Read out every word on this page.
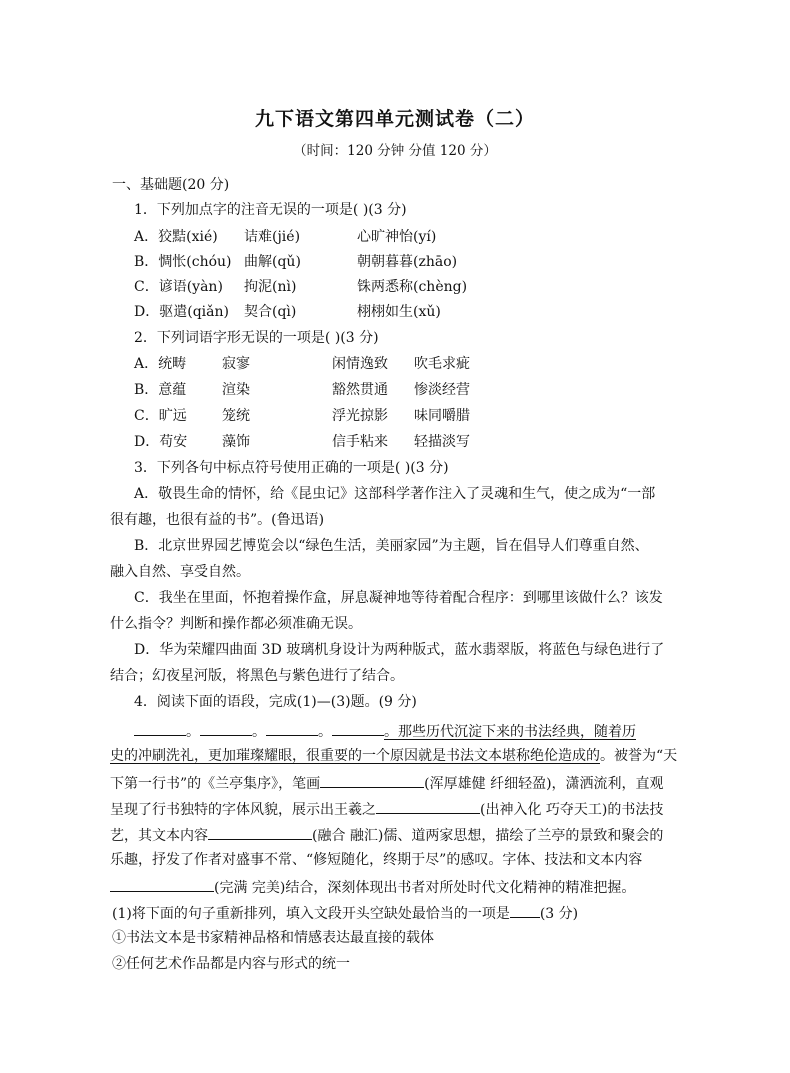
九下语文第四单元测试卷（二）
（时间：120 分钟 分值 120 分）
一、基础题(20 分)
1．下列加点字的注音无误的一项是( )(3 分)
A．狡黠(xié) 诘难(jié)	心旷神怡(yí)
B．惆怅(chóu) 曲解(qǔ)	朝朝暮暮(zhāo)
C．谚语(yàn) 拘泥(nì)	铢两悉称(chèng)
D．驱遣(qiǎn) 契合(qì)	栩栩如生(xǔ)
2．下列词语字形无误的一项是( )(3 分)
A．统畴	寂寥	闲情逸致 吹毛求疵
B．意蕴	渲染	豁然贯通 惨淡经营
C．旷远	笼统	浮光掠影 味同嚼腊
D．苟安 藻饰	信手粘来 轻描淡写
3．下列各句中标点符号使用正确的一项是( )(3 分)
A．敬畏生命的情怀，给《昆虫记》这部科学著作注入了灵魂和生气，使之成为“一部
很有趣，也很有益的书”。(鲁迅语)
B．北京世界园艺博览会以“绿色生活，美丽家园”为主题，旨在倡导人们尊重自然、
融入自然、享受自然。
C．我坐在里面，怀抱着操作盒，屏息凝神地等待着配合程序：到哪里该做什么？该发
什么指令？判断和操作都必须准确无误。
D．华为荣耀四曲面 3D 玻璃机身设计为两种版式，蓝水翡翠版，将蓝色与绿色进行了
结合；幻夜星河版，将黑色与紫色进行了结合。
4．阅读下面的语段，完成(1)—(3)题。(9 分)
。	。	。	。那些历代沉淀下来的书法经典，随着历
史的冲刷洗礼，更加璀璨耀眼，很重要的一个原因就是书法文本堪称绝伦造成的。被誉为“天
下第一行书”的《兰亭集序》，笔画	(浑厚雄健 纤细轻盈)，潇洒流利，直观
呈现了行书独特的字体风貌，展示出王羲之	(出神入化 巧夺天工)的书法技
艺，其文本内容	(融合 融汇)儒、道两家思想，描绘了兰亭的景致和聚会的
乐趣，抒发了作者对盛事不常、“修短随化，终期于尽”的感叹。字体、技法和文本内容
(完满 完美)结合，深刻体现出书者对所处时代文化精神的精准把握。
(1)将下面的句子重新排列，填入文段开头空缺处最恰当的一项是 (3 分)
①书法文本是书家精神品格和情感表达最直接的载体
②任何艺术作品都是内容与形式的统一
